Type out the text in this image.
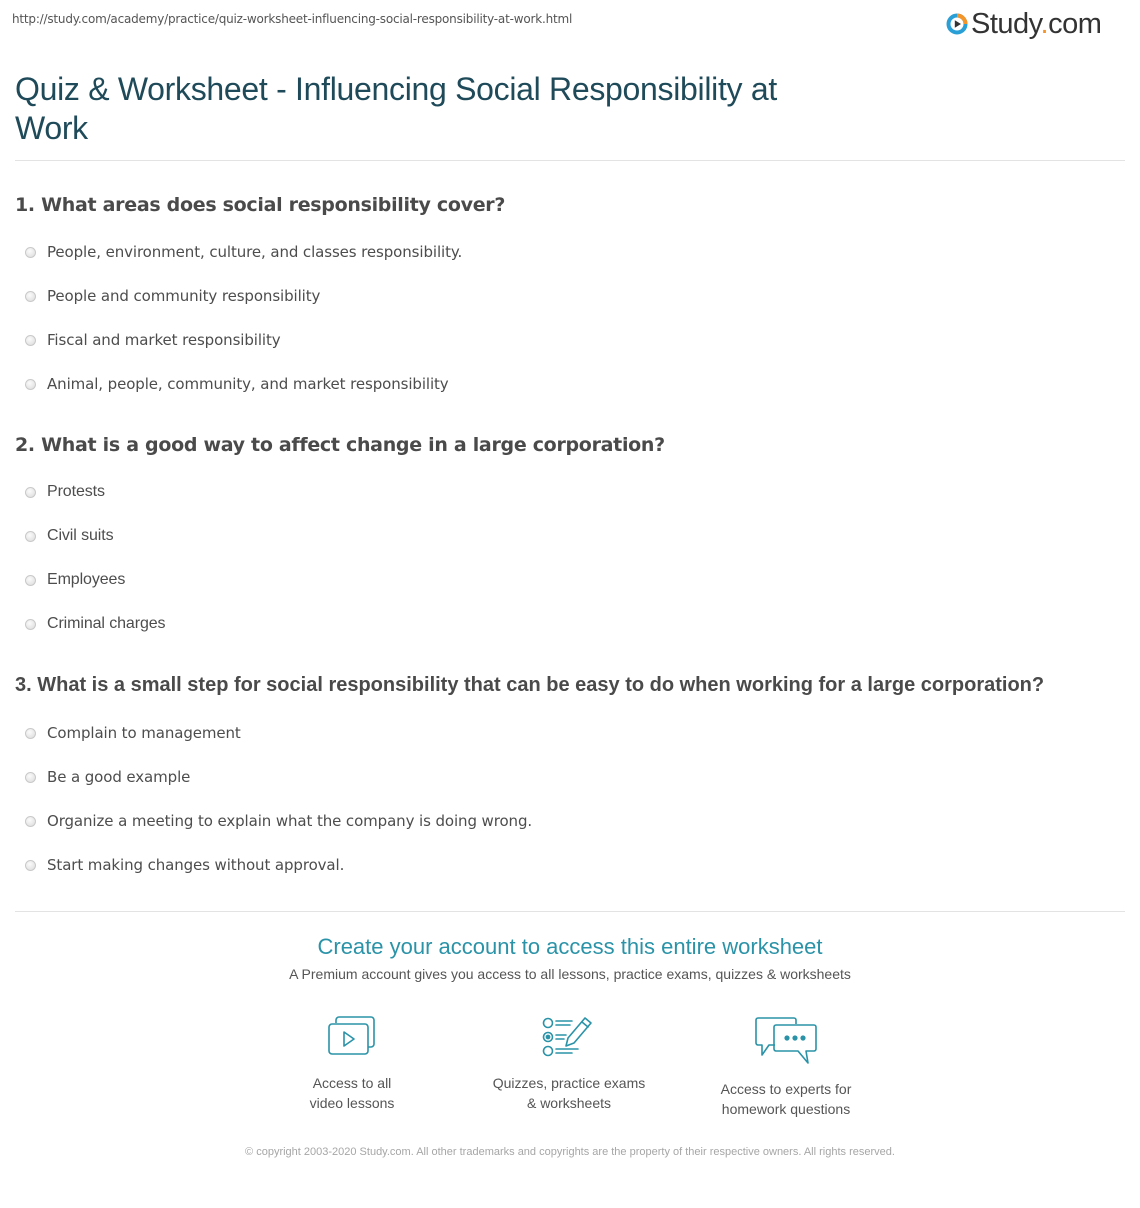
http://study.com/academy/practice/quiz-worksheet-influencing-social-responsibility-at-work.html	Study.com
Quiz & Worksheet - Influencing Social Responsibility at Work
1. What areas does social responsibility cover?
People, environment, culture, and classes responsibility.
People and community responsibility
Fiscal and market responsibility
Animal, people, community, and market responsibility
2. What is a good way to affect change in a large corporation?
Protests
Civil suits
Employees
Criminal charges
3. What is a small step for social responsibility that can be easy to do when working for a large corporation?
Complain to management
Be a good example
Organize a meeting to explain what the company is doing wrong.
Start making changes without approval.
Create your account to access this entire worksheet
A Premium account gives you access to all lessons, practice exams, quizzes & worksheets
Access to all
video lessons
Quizzes, practice exams
& worksheets
Access to experts for
homework questions
© copyright 2003-2020 Study.com. All other trademarks and copyrights are the property of their respective owners. All rights reserved.
